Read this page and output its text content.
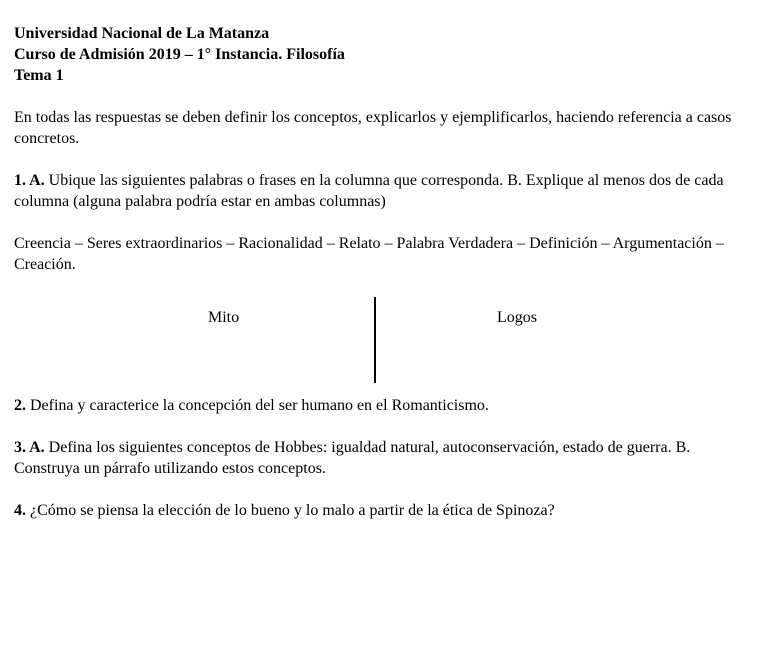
Universidad Nacional de La Matanza

Curso de Admisión 2019 – 1° Instancia. Filosofía

Tema 1

En todas las respuestas se deben definir los conceptos, explicarlos y ejemplificarlos, haciendo referencia a casos concretos.

1. A. Ubique las siguientes palabras o frases en la columna que corresponda. B. Explique al menos dos de cada columna (alguna palabra podría estar en ambas columnas)

Creencia – Seres extraordinarios – Racionalidad – Relato – Palabra Verdadera – Definición – Argumentación – Creación.

Mito	Logos

2. Defina y caracterice la concepción del ser humano en el Romanticismo.

3. A. Defina los siguientes conceptos de Hobbes: igualdad natural, autoconservación, estado de guerra. B. Construya un párrafo utilizando estos conceptos.

4. ¿Cómo se piensa la elección de lo bueno y lo malo a partir de la ética de Spinoza?
